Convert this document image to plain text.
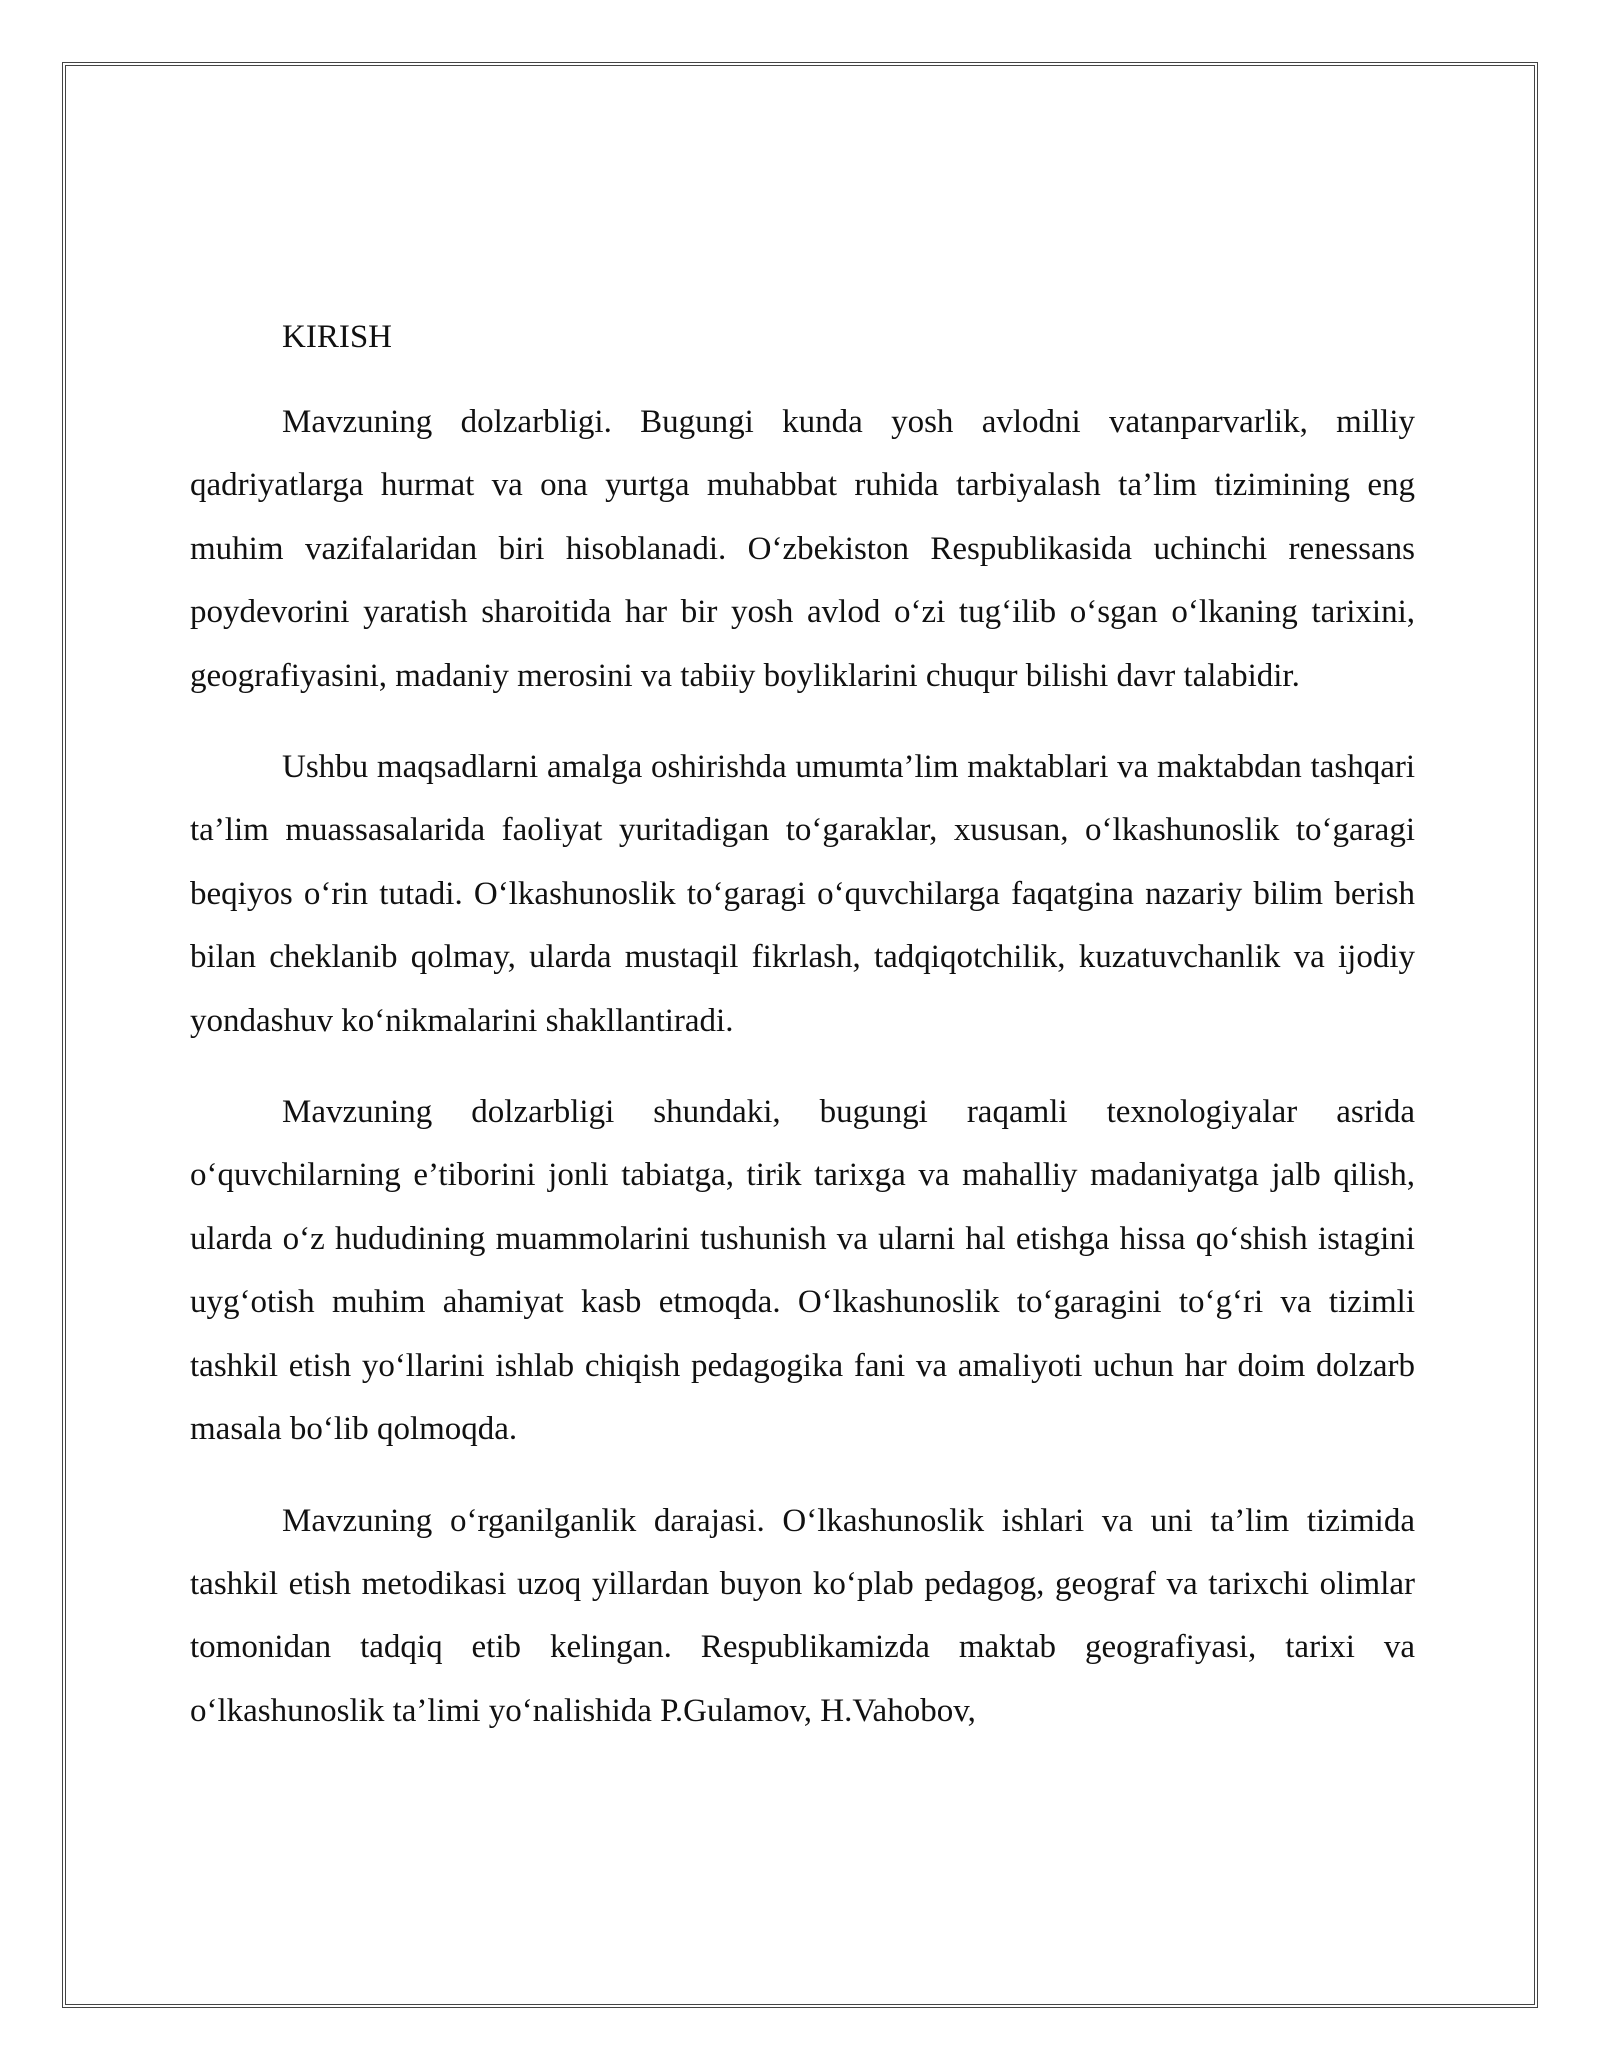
KIRISH

Mavzuning dolzarbligi. Bugungi kunda yosh avlodni vatanparvarlik, milliy qadriyatlarga hurmat va ona yurtga muhabbat ruhida tarbiyalash ta’lim tizimining eng muhim vazifalaridan biri hisoblanadi. O‘zbekiston Respublikasida uchinchi renessans poydevorini yaratish sharoitida har bir yosh avlod o‘zi tug‘ilib o‘sgan o‘lkaning tarixini, geografiyasini, madaniy merosini va tabiiy boyliklarini chuqur bilishi davr talabidir.

Ushbu maqsadlarni amalga oshirishda umumta’lim maktablari va maktabdan tashqari ta’lim muassasalarida faoliyat yuritadigan to‘garaklar, xususan, o‘lkashunoslik to‘garagi beqiyos o‘rin tutadi. O‘lkashunoslik to‘garagi o‘quvchilarga faqatgina nazariy bilim berish bilan cheklanib qolmay, ularda mustaqil fikrlash, tadqiqotchilik, kuzatuvchanlik va ijodiy yondashuv ko‘nikmalarini shakllantiradi.

Mavzuning dolzarbligi shundaki, bugungi raqamli texnologiyalar asrida o‘quvchilarning e’tiborini jonli tabiatga, tirik tarixga va mahalliy madaniyatga jalb qilish, ularda o‘z hududining muammolarini tushunish va ularni hal etishga hissa qo‘shish istagini uyg‘otish muhim ahamiyat kasb etmoqda. O‘lkashunoslik to‘garagini to‘g‘ri va tizimli tashkil etish yo‘llarini ishlab chiqish pedagogika fani va amaliyoti uchun har doim dolzarb masala bo‘lib qolmoqda.

Mavzuning o‘rganilganlik darajasi. O‘lkashunoslik ishlari va uni ta’lim tizimida tashkil etish metodikasi uzoq yillardan buyon ko‘plab pedagog, geograf va tarixchi olimlar tomonidan tadqiq etib kelingan. Respublikamizda maktab geografiyasi, tarixi va o‘lkashunoslik ta’limi yo‘nalishida P.Gulamov, H.Vahobov,
